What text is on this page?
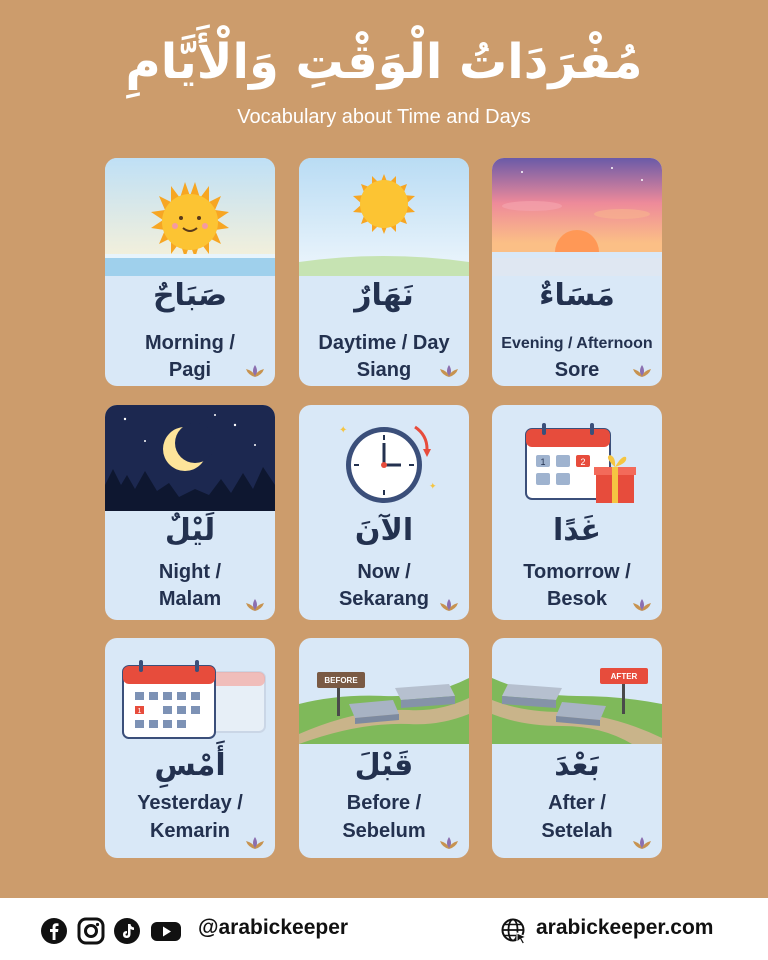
مُفْرَدَاتُ الْوَقْتِ وَالْأَيَّامِ
Vocabulary about Time and Days
صَبَاحٌ
Morning /
Pagi
نَهَارٌ
Daytime / Day
Siang
مَسَاءٌ
Evening / Afternoon
Sore
لَيْلٌ
Night /
Malam
✦
✦
الآنَ
Now /
Sekarang
1	2
غَدًا
Tomorrow /
Besok
1
أَمْسِ
Yesterday /
Kemarin
BEFORE
قَبْلَ
Before /
Sebelum
AFTER
بَعْدَ
After /
Setelah
@arabickeeper	arabickeeper.com
